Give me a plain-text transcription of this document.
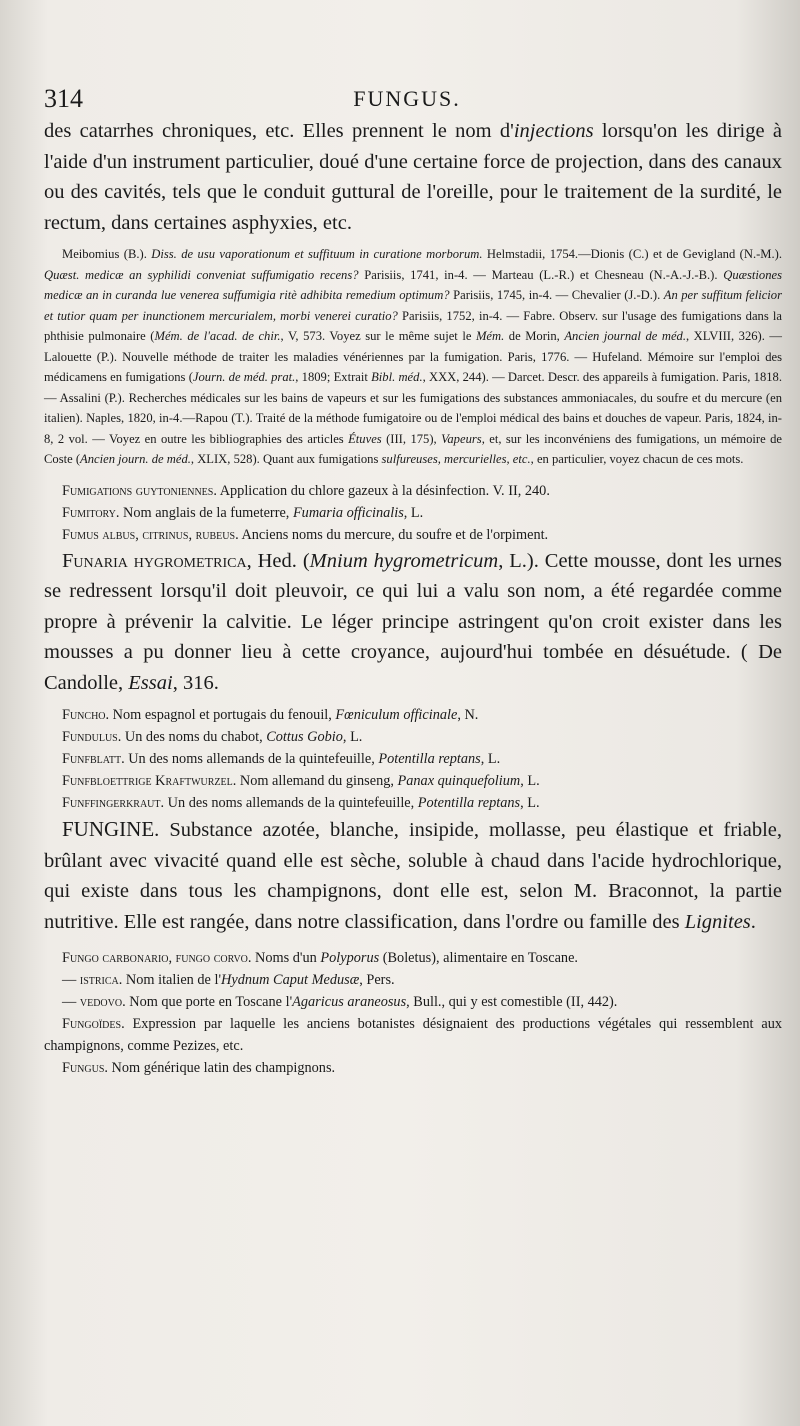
314	FUNGUS.

des catarrhes chroniques, etc. Elles prennent le nom d'injections lorsqu'on les dirige à l'aide d'un instrument particulier, doué d'une certaine force de projection, dans des canaux ou des cavités, tels que le conduit guttural de l'oreille, pour le traitement de la surdité, le rectum, dans certaines asphyxies, etc.

Meibomius (B.). Diss. de usu vaporationum et suffituum in curatione morborum. Helmstadii, 1754.—Dionis (C.) et de Gevigland (N.-M.). Quæst. medicæ an syphilidi conveniat suffumigatio recens? Parisiis, 1741, in-4. — Marteau (L.-R.) et Chesneau (N.-A.-J.-B.). Quæstiones medicæ an in curanda lue venerea suffumigia ritè adhibita remedium optimum? Parisiis, 1745, in-4. — Chevalier (J.-D.). An per suffitum felicior et tutior quam per inunctionem mercurialem, morbi venerei curatio? Parisiis, 1752, in-4. — Fabre. Observ. sur l'usage des fumigations dans la phthisie pulmonaire (Mém. de l'acad. de chir., V, 573. Voyez sur le même sujet le Mém. de Morin, Ancien journal de méd., XLVIII, 326). — Lalouette (P.). Nouvelle méthode de traiter les maladies vénériennes par la fumigation. Paris, 1776. — Hufeland. Mémoire sur l'emploi des médicamens en fumigations (Journ. de méd. prat., 1809; Extrait Bibl. méd., XXX, 244). — Darcet. Descr. des appareils à fumigation. Paris, 1818. — Assalini (P.). Recherches médicales sur les bains de vapeurs et sur les fumigations des substances ammoniacales, du soufre et du mercure (en italien). Naples, 1820, in-4.—Rapou (T.). Traité de la méthode fumigatoire ou de l'emploi médical des bains et douches de vapeur. Paris, 1824, in-8, 2 vol. — Voyez en outre les bibliographies des articles Étuves (III, 175), Vapeurs, et, sur les inconvéniens des fumigations, un mémoire de Coste (Ancien journ. de méd., XLIX, 528). Quant aux fumigations sulfureuses, mercurielles, etc., en particulier, voyez chacun de ces mots.

Fumigations guytoniennes. Application du chlore gazeux à la désinfection. V. II, 240.

Fumitory. Nom anglais de la fumeterre, Fumaria officinalis, L.

Fumus albus, citrinus, rubeus. Anciens noms du mercure, du soufre et de l'orpiment.

Funaria hygrometrica, Hed. (Mnium hygrometricum, L.). Cette mousse, dont les urnes se redressent lorsqu'il doit pleuvoir, ce qui lui a valu son nom, a été regardée comme propre à prévenir la calvitie. Le léger principe astringent qu'on croit exister dans les mousses a pu donner lieu à cette croyance, aujourd'hui tombée en désuétude. ( De Candolle, Essai, 316.

Funcho. Nom espagnol et portugais du fenouil, Fœniculum officinale, N.

Fundulus. Un des noms du chabot, Cottus Gobio, L.

Funfblatt. Un des noms allemands de la quintefeuille, Potentilla reptans, L.

Funfbloettrige Kraftwurzel. Nom allemand du ginseng, Panax quinquefolium, L.

Funffingerkraut. Un des noms allemands de la quintefeuille, Potentilla reptans, L.

FUNGINE. Substance azotée, blanche, insipide, mollasse, peu élastique et friable, brûlant avec vivacité quand elle est sèche, soluble à chaud dans l'acide hydrochlorique, qui existe dans tous les champignons, dont elle est, selon M. Braconnot, la partie nutritive. Elle est rangée, dans notre classification, dans l'ordre ou famille des Lignites.

Fungo carbonario, fungo corvo. Noms d'un Polyporus (Boletus), alimentaire en Toscane.

— istrica. Nom italien de l'Hydnum Caput Medusæ, Pers.

— vedovo. Nom que porte en Toscane l'Agaricus araneosus, Bull., qui y est comestible (II, 442).

Fungoïdes. Expression par laquelle les anciens botanistes désignaient des productions végétales qui ressemblent aux champignons, comme Pezizes, etc.

Fungus. Nom générique latin des champignons.
